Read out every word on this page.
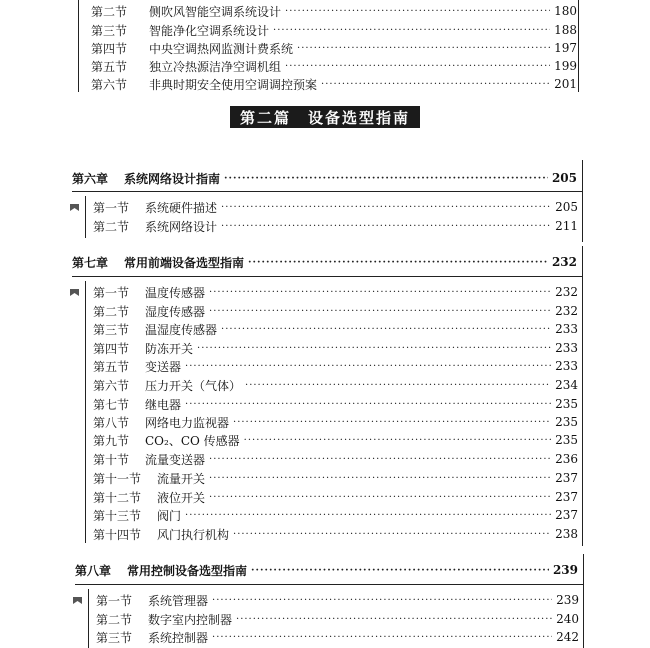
第二篇　设备选型指南
第二节	侧吹风智能空调系统设计 ·····	180
第三节	智能净化空调系统设计 ·····	188
第四节	中央空调热网监测计费系统 ·····	197
第五节	独立冷热源洁净空调机组 ·····	199
第六节	非典时期安全使用空调调控预案 ·····	201
第六章	系统网络设计指南 ·····	205
第一节	系统硬件描述 ·····	205
第二节	系统网络设计 ·····	211
第七章	常用前端设备选型指南 ·····	232
第一节	温度传感器 ·····	232
第二节	湿度传感器 ·····	232
第三节	温湿度传感器 ·····	233
第四节	防冻开关 ·····	233
第五节	变送器 ·····	233
第六节	压力开关（气体） ·····	234
第七节	继电器 ·····	235
第八节	网络电力监视器 ·····	235
第九节	CO₂、CO 传感器 ·····	235
第十节	流量变送器 ·····	236
第十一节	流量开关 ·····	237
第十二节	液位开关 ·····	237
第十三节	阀门 ·····	237
第十四节	风门执行机构 ·····	238
第八章	常用控制设备选型指南 ·····	239
第一节	系统管理器 ·····	239
第二节	数字室内控制器 ·····	240
第三节	系统控制器 ·····	242
